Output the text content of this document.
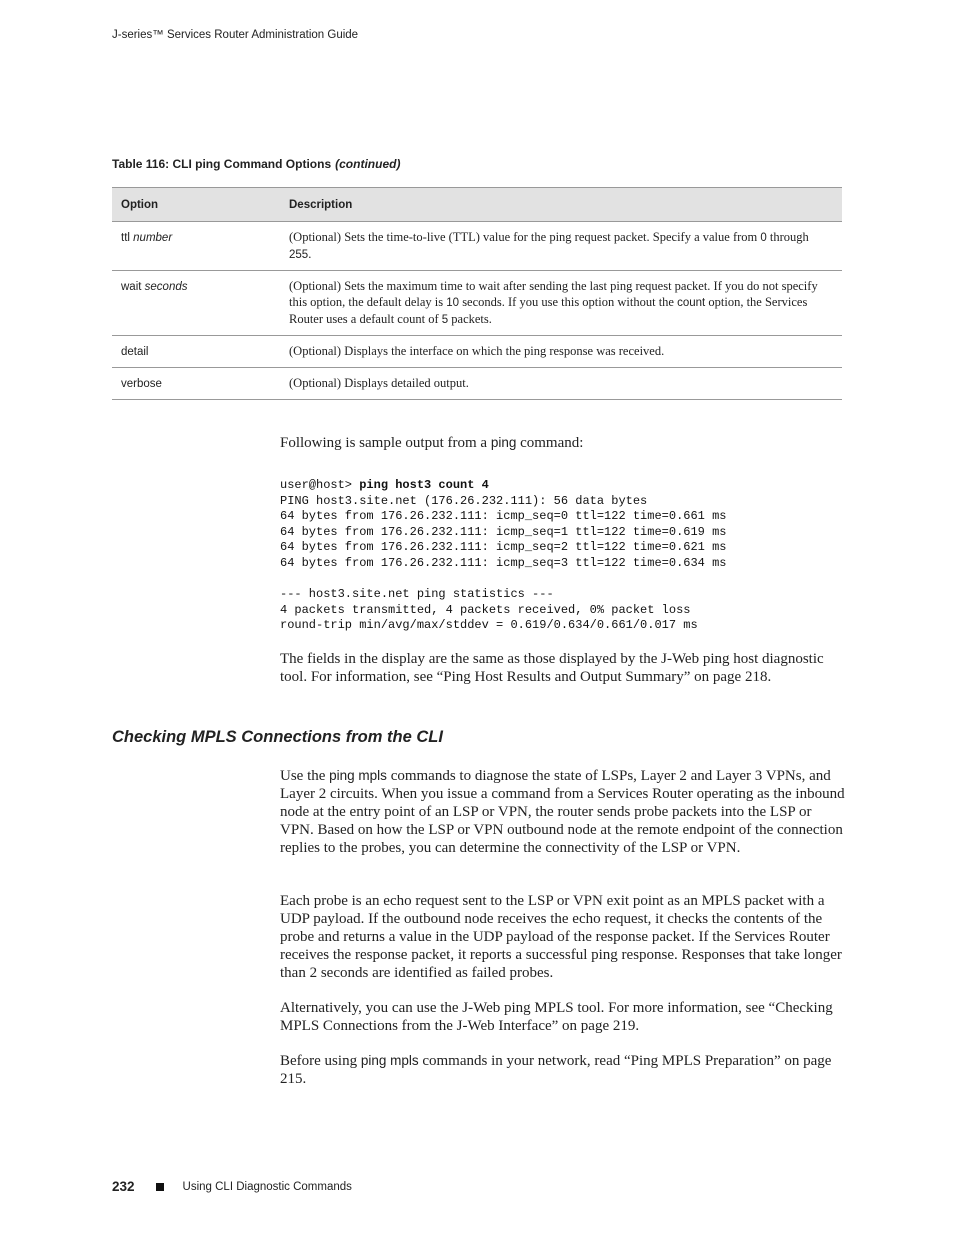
J-series™ Services Router Administration Guide
Table 116: CLI ping Command Options (continued)
Option	Description
ttl number	(Optional) Sets the time-to-live (TTL) value for the ping request packet. Specify a value from 0 through 255.
wait seconds	(Optional) Sets the maximum time to wait after sending the last ping request packet. If you do not specify this option, the default delay is 10 seconds. If you use this option without the count option, the Services Router uses a default count of 5 packets.
detail	(Optional) Displays the interface on which the ping response was received.
verbose	(Optional) Displays detailed output.

Following is sample output from a ping command:

user@host> ping host3 count 4
PING host3.site.net (176.26.232.111): 56 data bytes
64 bytes from 176.26.232.111: icmp_seq=0 ttl=122 time=0.661 ms
64 bytes from 176.26.232.111: icmp_seq=1 ttl=122 time=0.619 ms
64 bytes from 176.26.232.111: icmp_seq=2 ttl=122 time=0.621 ms
64 bytes from 176.26.232.111: icmp_seq=3 ttl=122 time=0.634 ms

--- host3.site.net ping statistics ---
4 packets transmitted, 4 packets received, 0% packet loss
round-trip min/avg/max/stddev = 0.619/0.634/0.661/0.017 ms

The fields in the display are the same as those displayed by the J-Web ping host diagnostic tool. For information, see “Ping Host Results and Output Summary” on page 218.

Checking MPLS Connections from the CLI

Use the ping mpls commands to diagnose the state of LSPs, Layer 2 and Layer 3 VPNs, and Layer 2 circuits. When you issue a command from a Services Router operating as the inbound node at the entry point of an LSP or VPN, the router sends probe packets into the LSP or VPN. Based on how the LSP or VPN outbound node at the remote endpoint of the connection replies to the probes, you can determine the connectivity of the LSP or VPN.

Each probe is an echo request sent to the LSP or VPN exit point as an MPLS packet with a UDP payload. If the outbound node receives the echo request, it checks the contents of the probe and returns a value in the UDP payload of the response packet. If the Services Router receives the response packet, it reports a successful ping response. Responses that take longer than 2 seconds are identified as failed probes.

Alternatively, you can use the J-Web ping MPLS tool. For more information, see “Checking MPLS Connections from the J-Web Interface” on page 219.

Before using ping mpls commands in your network, read “Ping MPLS Preparation” on page 215.

232	Using CLI Diagnostic Commands
